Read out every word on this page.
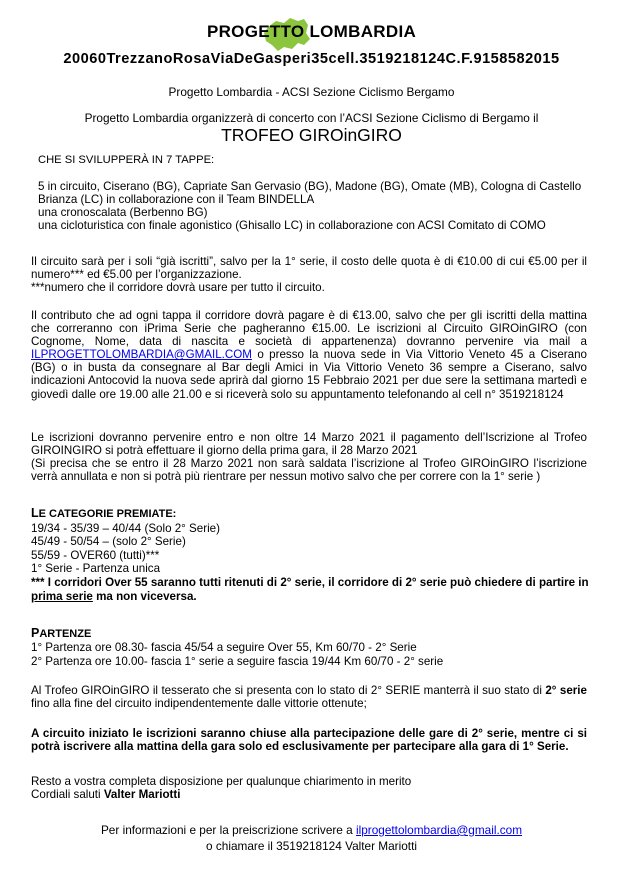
PROGETTO LOMBARDIA
20060TrezzanoRosaViaDeGasperi35cell.3519218124C.F.9158582015
Progetto Lombardia - ACSI Sezione Ciclismo Bergamo
Progetto Lombardia organizzerà di concerto con l’ACSI Sezione Ciclismo di Bergamo il
TROFEO GIROinGIRO
CHE SI SVILUPPERÀ IN 7 TAPPE:
5 in circuito, Ciserano (BG), Capriate San Gervasio (BG), Madone (BG), Omate (MB), Cologna di Castello
Brianza (LC) in collaborazione con il Team BINDELLA
una cronoscalata (Berbenno BG)
una cicloturistica con finale agonistico (Ghisallo LC) in collaborazione con ACSI Comitato di COMO
Il circuito sarà per i soli “già iscritti”, salvo per la 1° serie, il costo delle quota è di €10.00 di cui €5.00 per il numero*** ed €5.00 per l’organizzazione.
***numero che il corridore dovrà usare per tutto il circuito.
Il contributo che ad ogni tappa il corridore dovrà pagare è di €13.00, salvo che per gli iscritti della mattina che correranno con iPrima Serie che pagheranno €15.00. Le iscrizioni al Circuito GIROinGIRO (con Cognome, Nome, data di nascita e società di appartenenza) dovranno pervenire via mail a ILPROGETTOLOMBARDIA@GMAIL.COM o presso la nuova sede in Via Vittorio Veneto 45 a Ciserano (BG) o in busta da consegnare al Bar degli Amici in Via Vittorio Veneto 36 sempre a Ciserano, salvo indicazioni Antocovid la nuova sede aprirà dal giorno 15 Febbraio 2021 per due sere la settimana martedì e giovedì dalle ore 19.00 alle 21.00 e si riceverà solo su appuntamento telefonando al cell n° 3519218124
Le iscrizioni dovranno pervenire entro e non oltre 14 Marzo 2021 il pagamento dell’Iscrizione al Trofeo GIROINGIRO si potrà effettuare il giorno della prima gara, il 28 Marzo 2021
(Si precisa che se entro il 28 Marzo 2021 non sarà saldata l’iscrizione al Trofeo GIROinGIRO l’iscrizione verrà annullata e non si potrà più rientrare per nessun motivo salvo che per correre con la 1° serie )
LE CATEGORIE PREMIATE:
19/34 - 35/39 – 40/44 (Solo 2° Serie)
45/49 - 50/54 – (solo 2° Serie)
55/59 - OVER60 (tutti)***
1° Serie - Partenza unica
*** I corridori Over 55 saranno tutti ritenuti di 2° serie, il corridore di 2° serie può chiedere di partire in prima serie ma non viceversa.
PARTENZE
1° Partenza ore 08.30- fascia 45/54 a seguire Over 55, Km 60/70 - 2° Serie
2° Partenza ore 10.00- fascia 1° serie a seguire fascia 19/44 Km 60/70 - 2° serie
Al Trofeo GIROinGIRO il tesserato che si presenta con lo stato di 2° SERIE manterrà il suo stato di 2° serie fino alla fine del circuito indipendentemente dalle vittorie ottenute;
A circuito iniziato le iscrizioni saranno chiuse alla partecipazione delle gare di 2° serie, mentre ci si potrà iscrivere alla mattina della gara solo ed esclusivamente per partecipare alla gara di 1° Serie.
Resto a vostra completa disposizione per qualunque chiarimento in merito
Cordiali saluti Valter Mariotti
Per informazioni e per la preiscrizione scrivere a ilprogettolombardia@gmail.com
o chiamare il 3519218124 Valter Mariotti
